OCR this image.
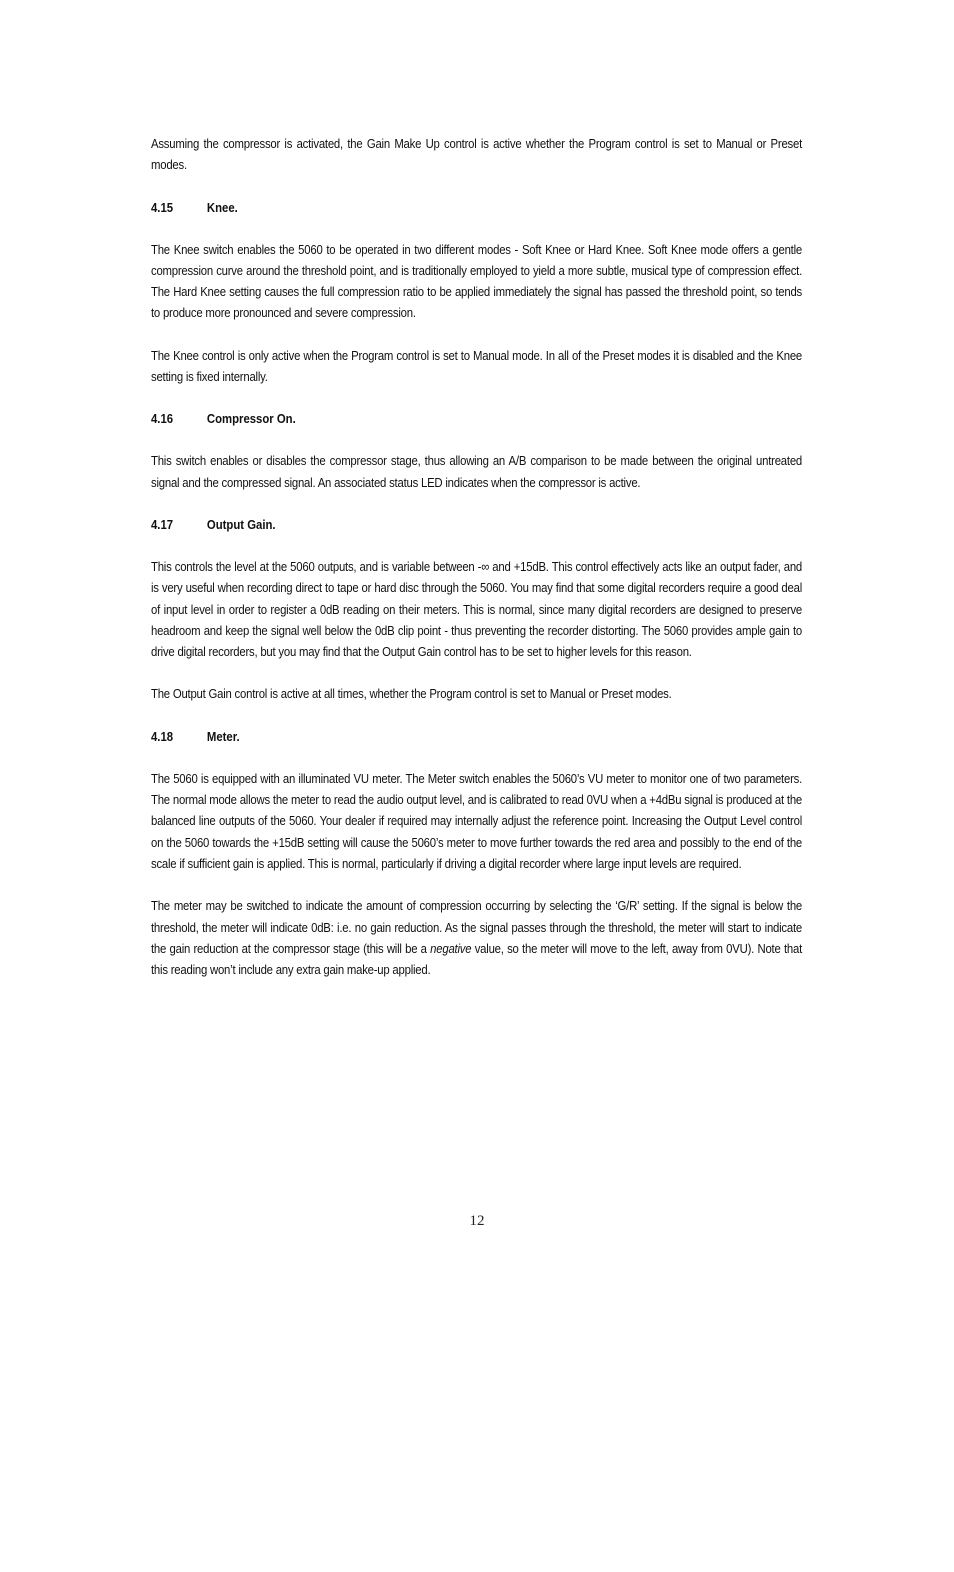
Assuming the compressor is activated, the Gain Make Up control is active whether the Program control is set to Manual or Preset modes.

4.15	Knee.

The Knee switch enables the 5060 to be operated in two different modes - Soft Knee or Hard Knee. Soft Knee mode offers a gentle compression curve around the threshold point, and is traditionally employed to yield a more subtle, musical type of compression effect. The Hard Knee setting causes the full compression ratio to be applied immediately the signal has passed the threshold point, so tends to produce more pronounced and severe compression.

The Knee control is only active when the Program control is set to Manual mode. In all of the Preset modes it is disabled and the Knee setting is fixed internally.

4.16	Compressor On.

This switch enables or disables the compressor stage, thus allowing an A/B comparison to be made between the original untreated signal and the compressed signal. An associated status LED indicates when the compressor is active.

4.17	Output Gain.

This controls the level at the 5060 outputs, and is variable between -∞ and +15dB. This control effectively acts like an output fader, and is very useful when recording direct to tape or hard disc through the 5060. You may find that some digital recorders require a good deal of input level in order to register a 0dB reading on their meters. This is normal, since many digital recorders are designed to preserve headroom and keep the signal well below the 0dB clip point - thus preventing the recorder distorting. The 5060 provides ample gain to drive digital recorders, but you may find that the Output Gain control has to be set to higher levels for this reason.

The Output Gain control is active at all times, whether the Program control is set to Manual or Preset modes.

4.18	Meter.

The 5060 is equipped with an illuminated VU meter. The Meter switch enables the 5060’s VU meter to monitor one of two parameters. The normal mode allows the meter to read the audio output level, and is calibrated to read 0VU when a +4dBu signal is produced at the balanced line outputs of the 5060. Your dealer if required may internally adjust the reference point. Increasing the Output Level control on the 5060 towards the +15dB setting will cause the 5060’s meter to move further towards the red area and possibly to the end of the scale if sufficient gain is applied. This is normal, particularly if driving a digital recorder where large input levels are required.

The meter may be switched to indicate the amount of compression occurring by selecting the ‘G/R’ setting. If the signal is below the threshold, the meter will indicate 0dB: i.e. no gain reduction. As the signal passes through the threshold, the meter will start to indicate the gain reduction at the compressor stage (this will be a negative value, so the meter will move to the left, away from 0VU). Note that this reading won’t include any extra gain make-up applied.

12
